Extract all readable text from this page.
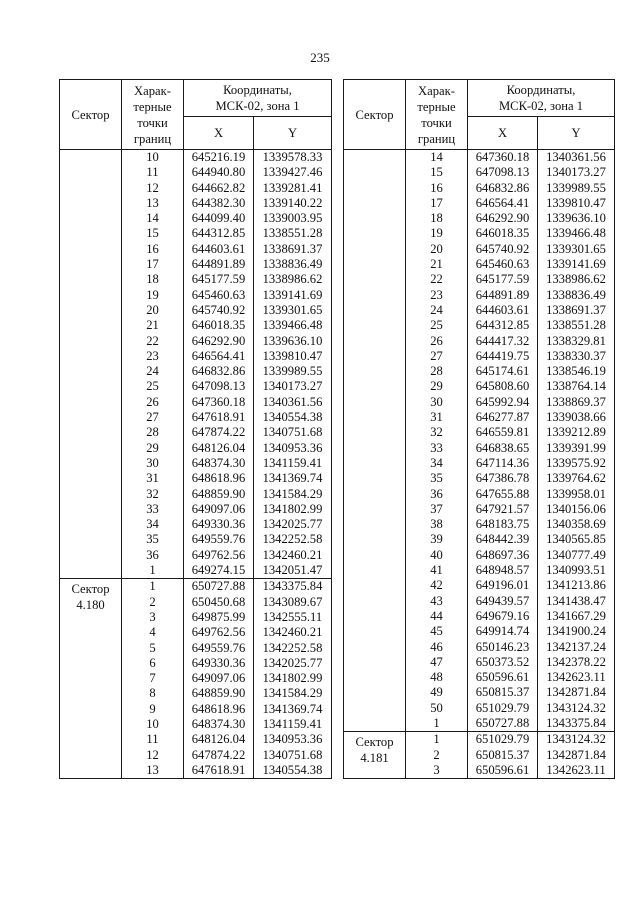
235
Сектор	Харак-
терные
точки
границ	Координаты,
МСК-02, зона 1	
		X	Y
	10	645216.19	1339578.33
	11	644940.80	1339427.46
	12	644662.82	1339281.41
	13	644382.30	1339140.22
	14	644099.40	1339003.95
	15	644312.85	1338551.28
	16	644603.61	1338691.37
	17	644891.89	1338836.49
	18	645177.59	1338986.62
	19	645460.63	1339141.69
	20	645740.92	1339301.65
	21	646018.35	1339466.48
	22	646292.90	1339636.10
	23	646564.41	1339810.47
	24	646832.86	1339989.55
	25	647098.13	1340173.27
	26	647360.18	1340361.56
	27	647618.91	1340554.38
	28	647874.22	1340751.68
	29	648126.04	1340953.36
	30	648374.30	1341159.41
	31	648618.96	1341369.74
	32	648859.90	1341584.29
	33	649097.06	1341802.99
	34	649330.36	1342025.77
	35	649559.76	1342252.58
	36	649762.56	1342460.21
	1	649274.15	1342051.47
Сектор
4.180	1	650727.88	1343375.84
	2	650450.68	1343089.67
	3	649875.99	1342555.11
	4	649762.56	1342460.21
	5	649559.76	1342252.58
	6	649330.36	1342025.77
	7	649097.06	1341802.99
	8	648859.90	1341584.29
	9	648618.96	1341369.74
	10	648374.30	1341159.41
	11	648126.04	1340953.36
	12	647874.22	1340751.68
	13	647618.91	1340554.38
Сектор	Харак-
терные
точки
границ	Координаты,
МСК-02, зона 1	
		X	Y
	14	647360.18	1340361.56
	15	647098.13	1340173.27
	16	646832.86	1339989.55
	17	646564.41	1339810.47
	18	646292.90	1339636.10
	19	646018.35	1339466.48
	20	645740.92	1339301.65
	21	645460.63	1339141.69
	22	645177.59	1338986.62
	23	644891.89	1338836.49
	24	644603.61	1338691.37
	25	644312.85	1338551.28
	26	644417.32	1338329.81
	27	644419.75	1338330.37
	28	645174.61	1338546.19
	29	645808.60	1338764.14
	30	645992.94	1338869.37
	31	646277.87	1339038.66
	32	646559.81	1339212.89
	33	646838.65	1339391.99
	34	647114.36	1339575.92
	35	647386.78	1339764.62
	36	647655.88	1339958.01
	37	647921.57	1340156.06
	38	648183.75	1340358.69
	39	648442.39	1340565.85
	40	648697.36	1340777.49
	41	648948.57	1340993.51
	42	649196.01	1341213.86
	43	649439.57	1341438.47
	44	649679.16	1341667.29
	45	649914.74	1341900.24
	46	650146.23	1342137.24
	47	650373.52	1342378.22
	48	650596.61	1342623.11
	49	650815.37	1342871.84
	50	651029.79	1343124.32
	1	650727.88	1343375.84
Сектор
4.181	1	651029.79	1343124.32
	2	650815.37	1342871.84
	3	650596.61	1342623.11
